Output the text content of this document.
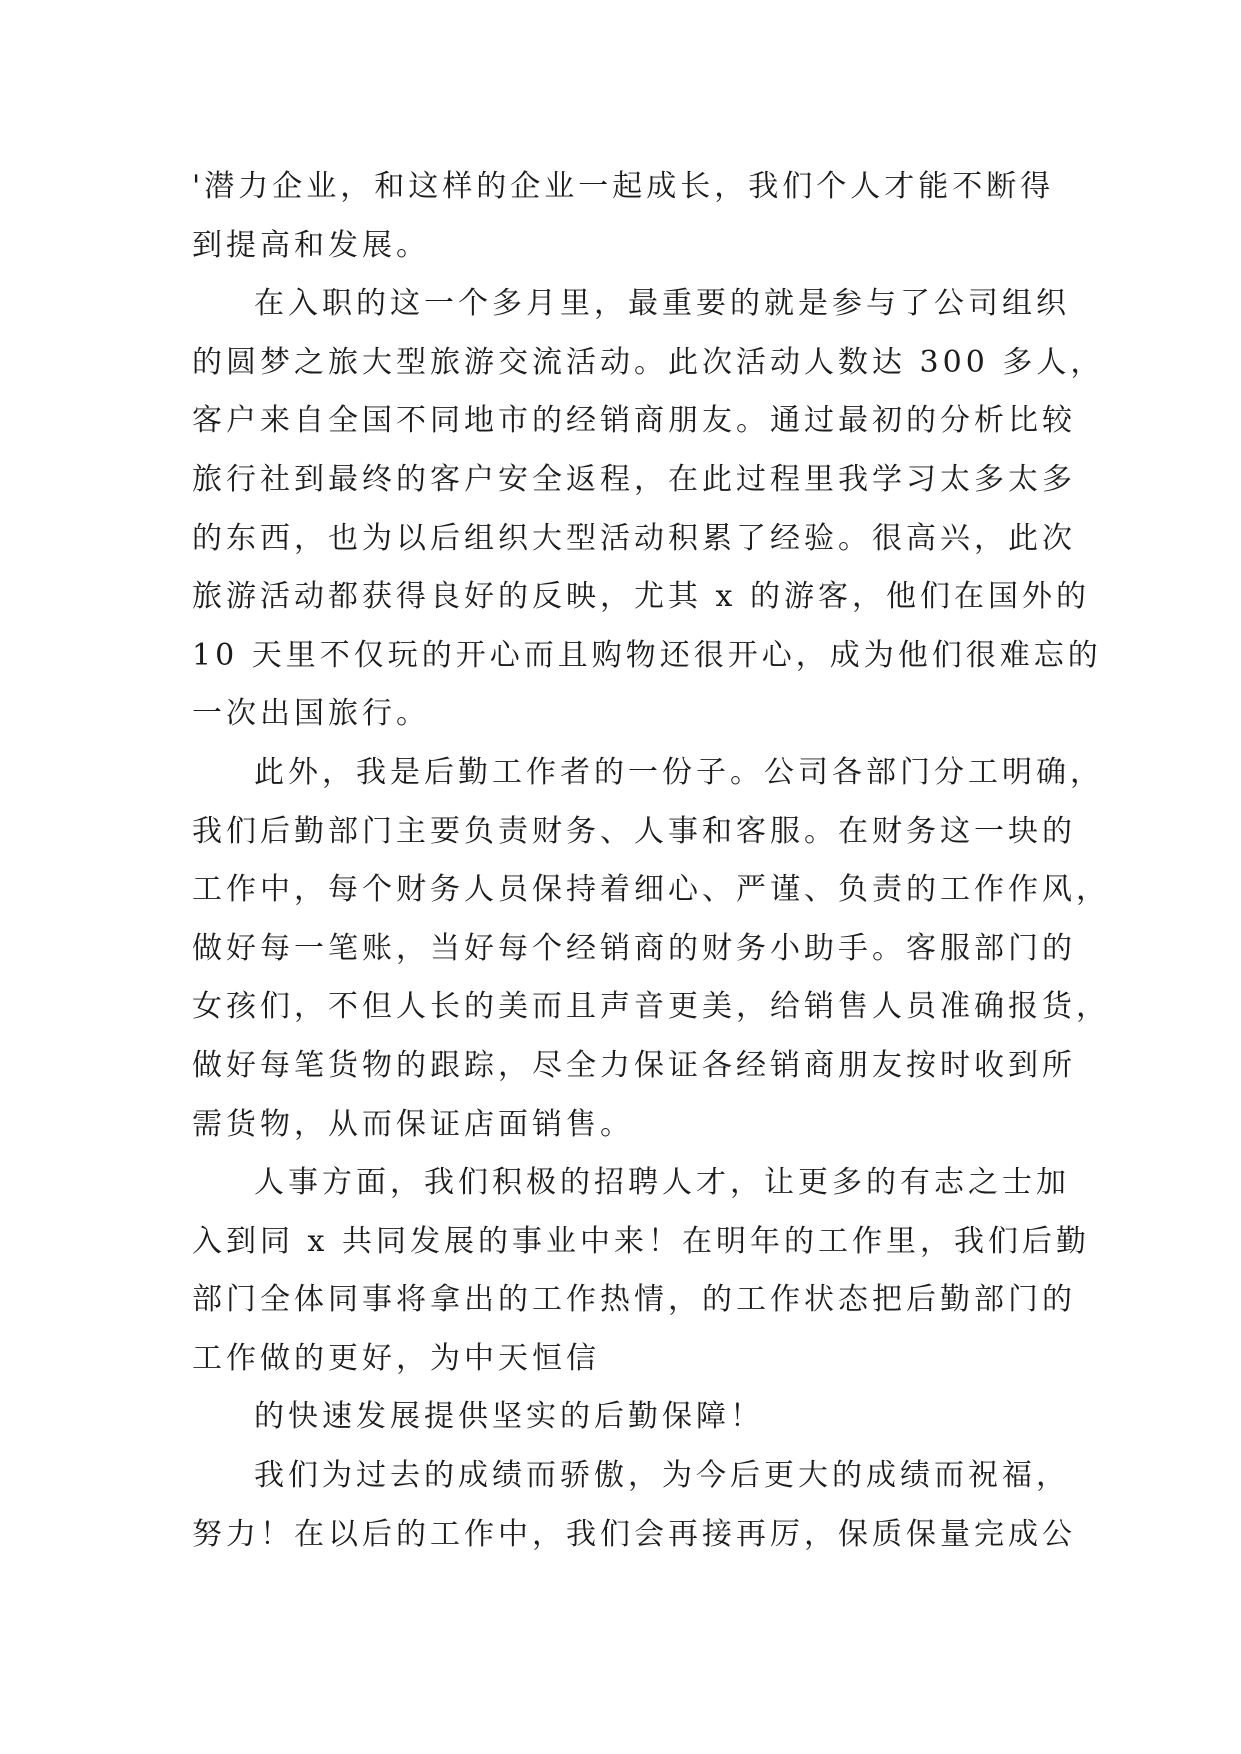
'潜力企业，和这样的企业一起成长，我们个人才能不断得
到提高和发展。
在入职的这一个多月里，最重要的就是参与了公司组织
的圆梦之旅大型旅游交流活动。此次活动人数达 300 多人，
客户来自全国不同地市的经销商朋友。通过最初的分析比较
旅行社到最终的客户安全返程，在此过程里我学习太多太多
的东西，也为以后组织大型活动积累了经验。很高兴，此次
旅游活动都获得良好的反映，尤其 x 的游客，他们在国外的
10 天里不仅玩的开心而且购物还很开心，成为他们很难忘的
一次出国旅行。
此外，我是后勤工作者的一份子。公司各部门分工明确，
我们后勤部门主要负责财务、人事和客服。在财务这一块的
工作中，每个财务人员保持着细心、严谨、负责的工作作风，
做好每一笔账，当好每个经销商的财务小助手。客服部门的
女孩们，不但人长的美而且声音更美，给销售人员准确报货，
做好每笔货物的跟踪，尽全力保证各经销商朋友按时收到所
需货物，从而保证店面销售。
人事方面，我们积极的招聘人才，让更多的有志之士加
入到同 x 共同发展的事业中来！在明年的工作里，我们后勤
部门全体同事将拿出的工作热情，的工作状态把后勤部门的
工作做的更好，为中天恒信
的快速发展提供坚实的后勤保障！
我们为过去的成绩而骄傲，为今后更大的成绩而祝福，
努力！在以后的工作中，我们会再接再厉，保质保量完成公
